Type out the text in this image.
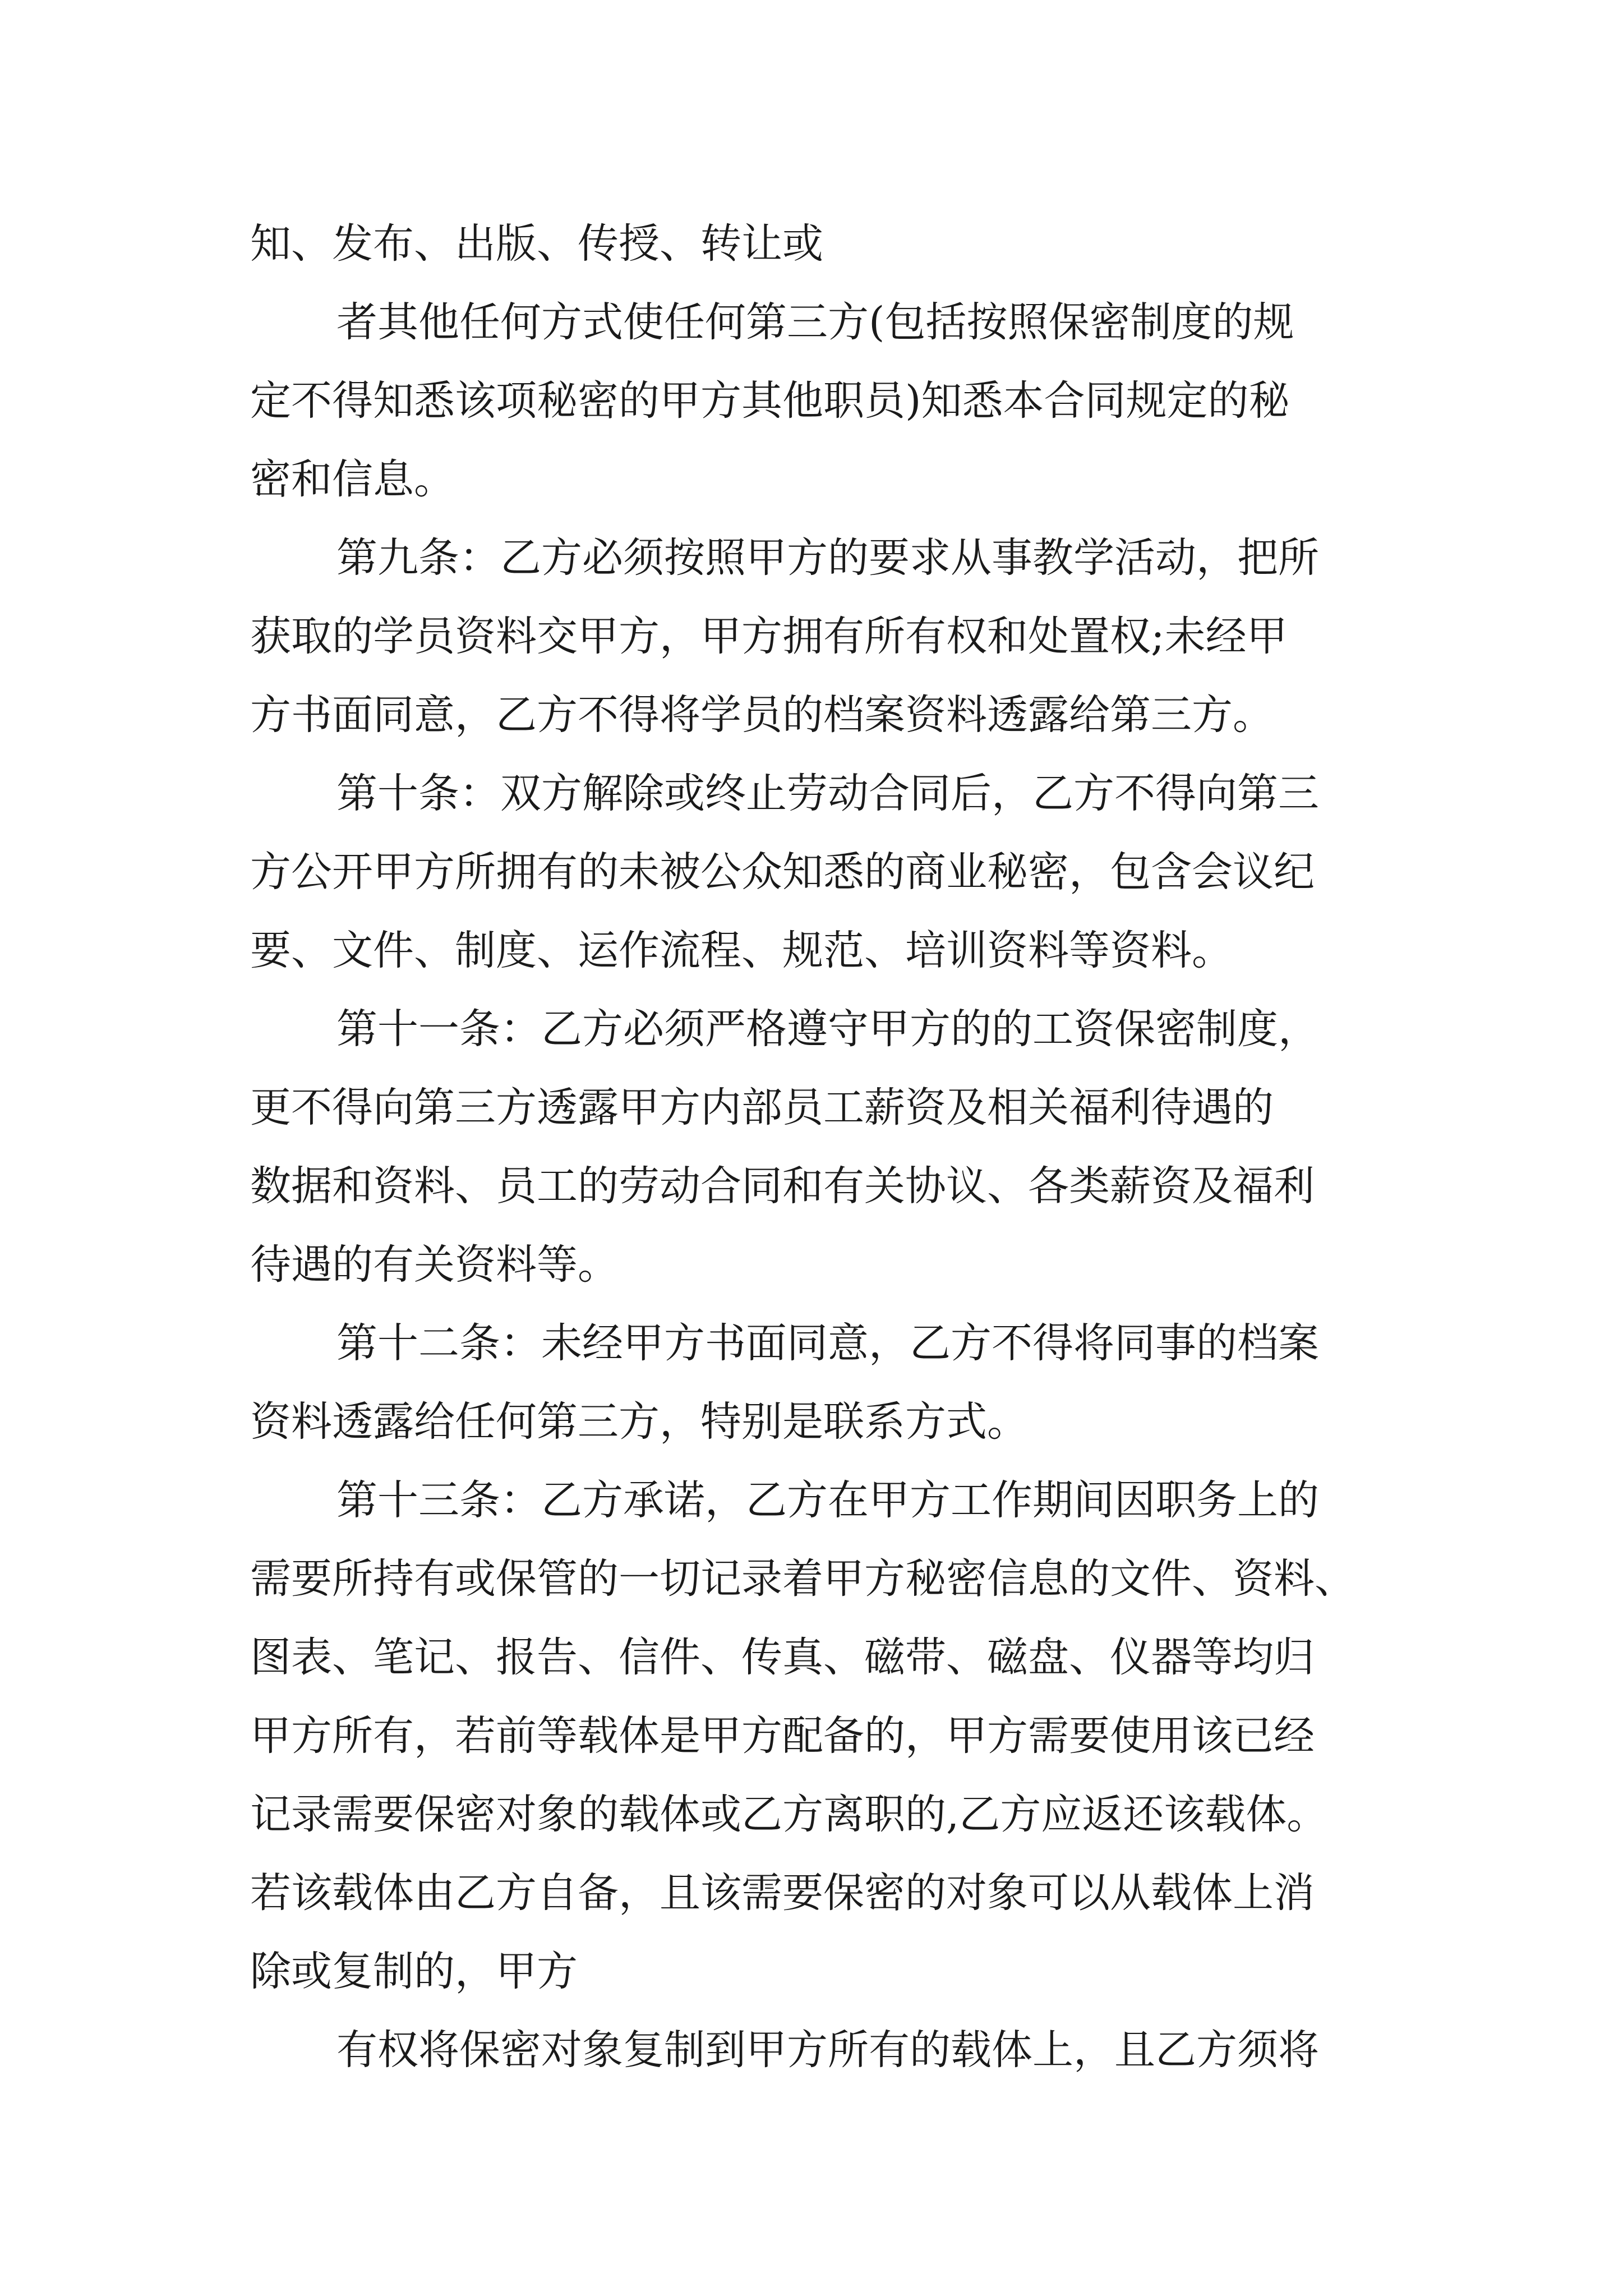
知、发布、出版、传授、转让或
者其他任何方式使任何第三方(包括按照保密制度的规
定不得知悉该项秘密的甲方其他职员)知悉本合同规定的秘
密和信息。
第九条：乙方必须按照甲方的要求从事教学活动，把所
获取的学员资料交甲方，甲方拥有所有权和处置权;未经甲
方书面同意，乙方不得将学员的档案资料透露给第三方。
第十条：双方解除或终止劳动合同后，乙方不得向第三
方公开甲方所拥有的未被公众知悉的商业秘密，包含会议纪
要、文件、制度、运作流程、规范、培训资料等资料。
第十一条：乙方必须严格遵守甲方的的工资保密制度，
更不得向第三方透露甲方内部员工薪资及相关福利待遇的
数据和资料、员工的劳动合同和有关协议、各类薪资及福利
待遇的有关资料等。
第十二条：未经甲方书面同意，乙方不得将同事的档案
资料透露给任何第三方，特别是联系方式。
第十三条：乙方承诺，乙方在甲方工作期间因职务上的
需要所持有或保管的一切记录着甲方秘密信息的文件、资料、
图表、笔记、报告、信件、传真、磁带、磁盘、仪器等均归
甲方所有，若前等载体是甲方配备的，甲方需要使用该已经
记录需要保密对象的载体或乙方离职的,乙方应返还该载体。
若该载体由乙方自备，且该需要保密的对象可以从载体上消
除或复制的，甲方
有权将保密对象复制到甲方所有的载体上，且乙方须将
